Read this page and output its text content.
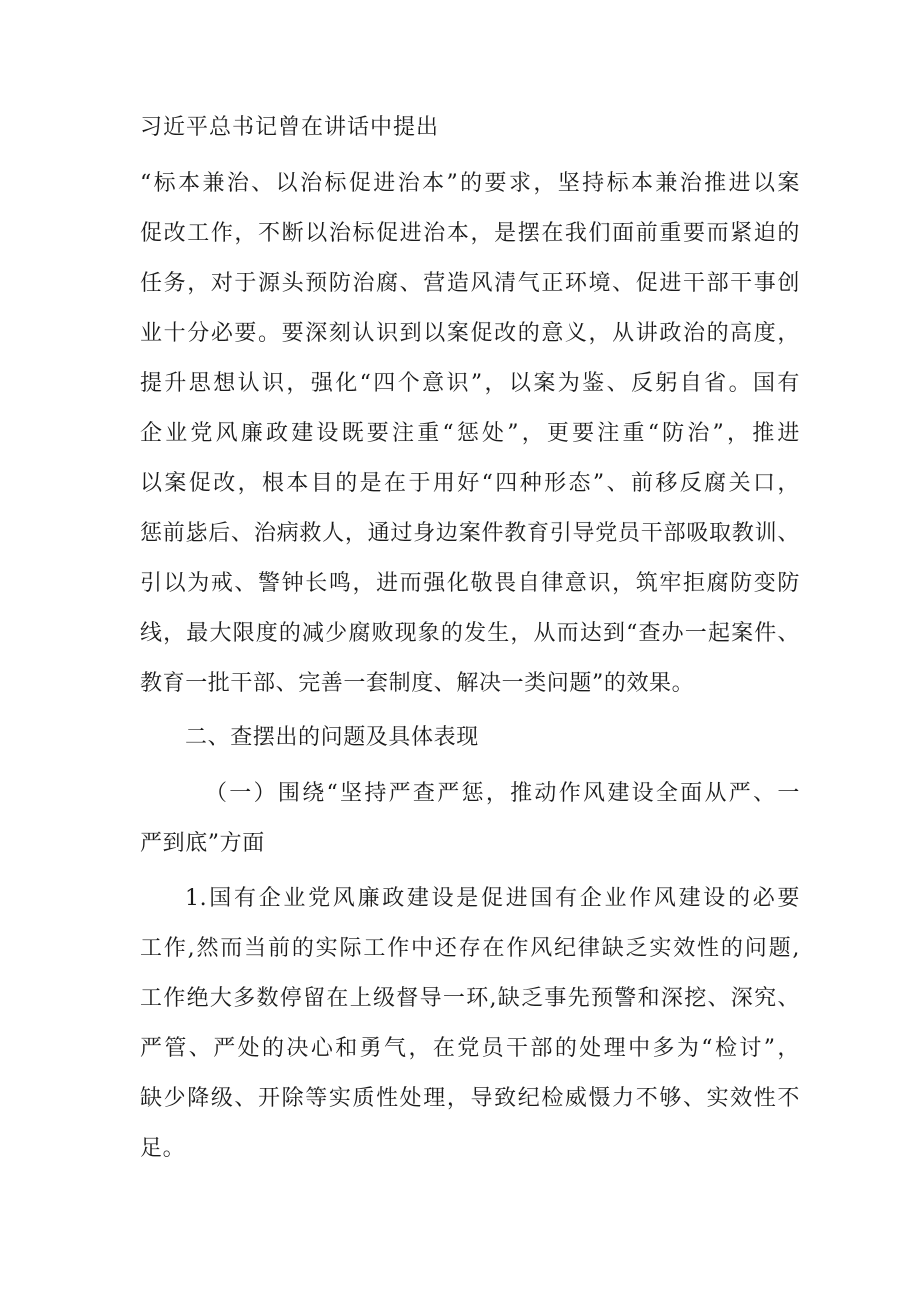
习近平总书记曾在讲话中提出

“标本兼治、以治标促进治本”的要求，坚持标本兼治推进以案

促改工作，不断以治标促进治本，是摆在我们面前重要而紧迫的

任务，对于源头预防治腐、营造风清气正环境、促进干部干事创

业十分必要。要深刻认识到以案促改的意义，从讲政治的高度，

提升思想认识，强化“四个意识”，以案为鉴、反躬自省。国有

企业党风廉政建设既要注重“惩处”，更要注重“防治”，推进

以案促改，根本目的是在于用好“四种形态”、前移反腐关口，

惩前毖后、治病救人，通过身边案件教育引导党员干部吸取教训、

引以为戒、警钟长鸣，进而强化敬畏自律意识，筑牢拒腐防变防

线，最大限度的减少腐败现象的发生，从而达到“查办一起案件、

教育一批干部、完善一套制度、解决一类问题”的效果。

二、查摆出的问题及具体表现

（一）围绕“坚持严查严惩，推动作风建设全面从严、一

严到底”方面

1.国有企业党风廉政建设是促进国有企业作风建设的必要

工作,然而当前的实际工作中还存在作风纪律缺乏实效性的问题,

工作绝大多数停留在上级督导一环,缺乏事先预警和深挖、深究、

严管、严处的决心和勇气，在党员干部的处理中多为“检讨”，

缺少降级、开除等实质性处理，导致纪检威慑力不够、实效性不

足。
